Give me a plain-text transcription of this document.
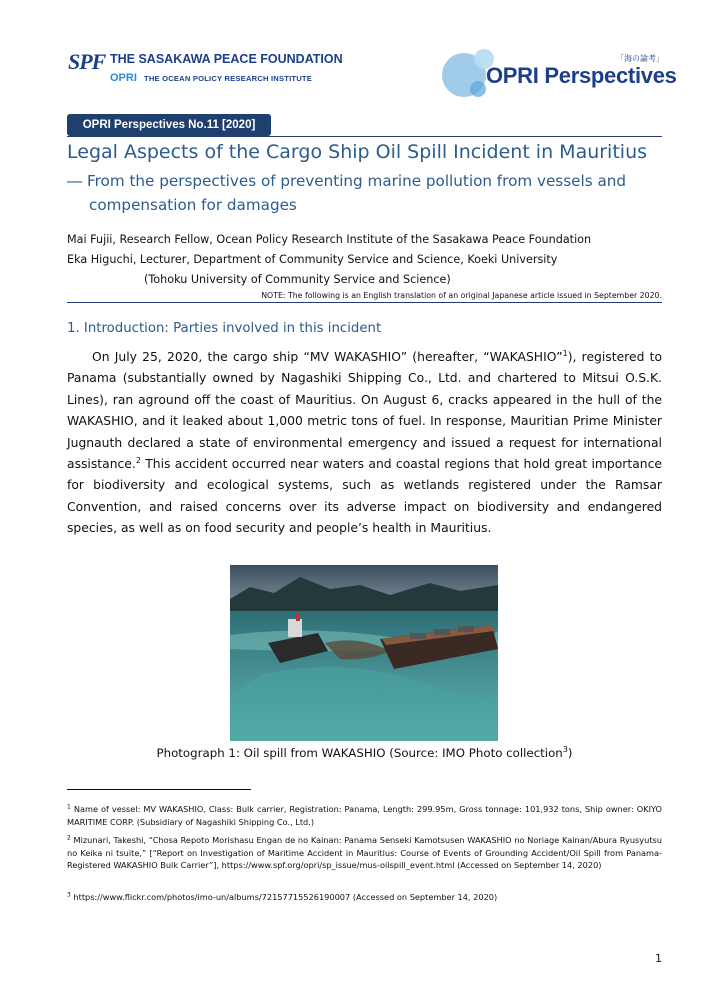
SPF THE SASAKAWA PEACE FOUNDATION
OPRI THE OCEAN POLICY RESEARCH INSTITUTE
「海の論考」
OPRI Perspectives
OPRI Perspectives No.11 [2020]
Legal Aspects of the Cargo Ship Oil Spill Incident in Mauritius
― From the perspectives of preventing marine pollution from vessels and
compensation for damages
Mai Fujii, Research Fellow, Ocean Policy Research Institute of the Sasakawa Peace Foundation
Eka Higuchi, Lecturer, Department of Community Service and Science, Koeki University
(Tohoku University of Community Service and Science)
NOTE: The following is an English translation of an original Japanese article issued in September 2020.
1. Introduction: Parties involved in this incident
On July 25, 2020, the cargo ship “MV WAKASHIO” (hereafter, “WAKASHIO”$^1$), registered to Panama (substantially owned by Nagashiki Shipping Co., Ltd. and chartered to Mitsui O.S.K. Lines), ran aground off the coast of Mauritius. On August 6, cracks appeared in the hull of the WAKASHIO, and it leaked about 1,000 metric tons of fuel. In response, Mauritian Prime Minister Jugnauth declared a state of environmental emergency and issued a request for international assistance.$^2$ This accident occurred near waters and coastal regions that hold great importance for biodiversity and ecological systems, such as wetlands registered under the Ramsar Convention, and raised concerns over its adverse impact on biodiversity and endangered species, as well as on food security and people’s health in Mauritius.
Photograph 1: Oil spill from WAKASHIO (Source: IMO Photo collection$^3$)
$^1$ Name of vessel: MV WAKASHIO, Class: Bulk carrier, Registration: Panama, Length: 299.95m, Gross tonnage: 101,932 tons, Ship owner: OKIYO MARITIME CORP. (Subsidiary of Nagashiki Shipping Co., Ltd.)
$^2$ Mizunari, Takeshi, “Chosa Repoto Morishasu Engan de no Kainan: Panama Senseki Kamotsusen WAKASHIO no Noriage Kainan/Abura Ryusyutsu no Keika ni tsuite,” [“Report on Investigation of Maritime Accident in Mauritius: Course of Events of Grounding Accident/Oil Spill from Panama-Registered WAKASHIO Bulk Carrier”], https://www.spf.org/opri/sp_issue/mus-oilspill_event.html (Accessed on September 14, 2020)
$^3$ https://www.flickr.com/photos/imo-un/albums/72157715526190007 (Accessed on September 14, 2020)
1
